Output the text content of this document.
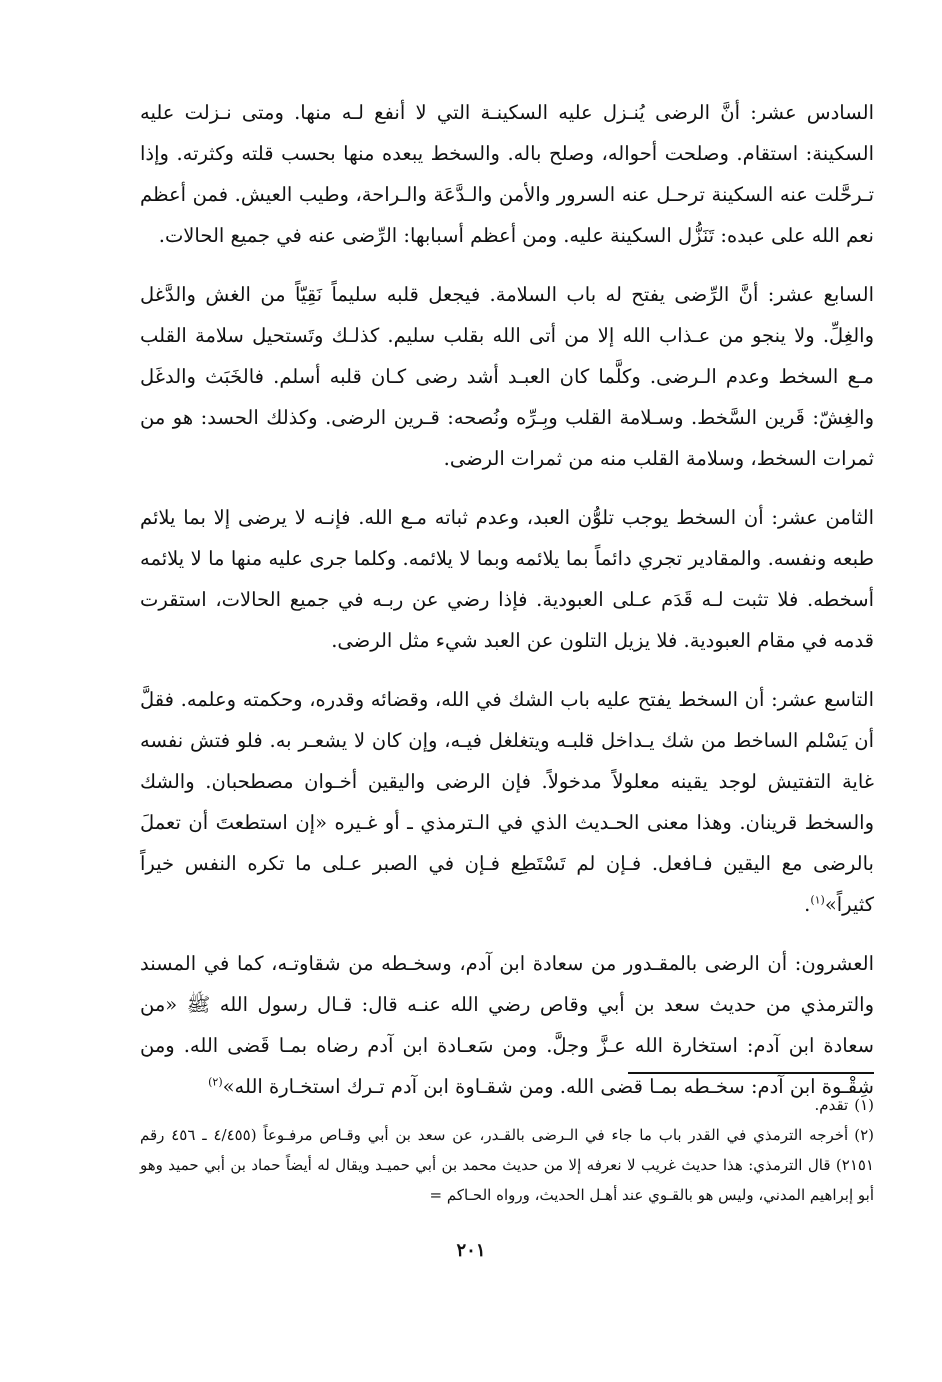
السادس عشر: أنَّ الرضى يُنـزل عليه السكينـة التي لا أنفع لـه منها. ومتى نـزلت عليه السكينة: استقام. وصلحت أحواله، وصلح باله. والسخط يبعده منها بحسب قلته وكثرته. وإذا تـرحَّلت عنه السكينة ترحـل عنه السرور والأمن والـدَّعَة والـراحة، وطيب العيش. فمن أعظم نعم الله على عبده: تَنَزُّل السكينة عليه. ومن أعظم أسبابها: الرِّضى عنه في جميع الحالات.

السابع عشر: أنَّ الرِّضى يفتح له باب السلامة. فيجعل قلبه سليماً نَقِيّاً من الغش والدَّغل والغِلِّ. ولا ينجو من عـذاب الله إلا من أتى الله بقلب سليم. كذلـك وتَستحيل سلامة القلب مـع السخط وعدم الـرضى. وكلَّما كان العبـد أشد رضى كـان قلبه أسلم. فالخَبَث والدغَل والغِشّ: قَرين السَّخط. وسـلامة القلب وبِـرِّه ونُصحه: قـرين الرضى. وكذلك الحسد: هو من ثمرات السخط، وسلامة القلب منه من ثمرات الرضى.

الثامن عشر: أن السخط يوجب تلوُّن العبد، وعدم ثباته مـع الله. فإنـه لا يرضى إلا بما يلائم طبعه ونفسه. والمقادير تجري دائماً بما يلائمه وبما لا يلائمه. وكلما جرى عليه منها ما لا يلائمه أسخطه. فلا تثبت لـه قَدَم عـلى العبودية. فإذا رضي عن ربـه في جميع الحالات، استقرت قدمه في مقام العبودية. فلا يزيل التلون عن العبد شيء مثل الرضى.

التاسع عشر: أن السخط يفتح عليه باب الشك في الله، وقضائه وقدره، وحكمته وعلمه. فقلَّ أن يَسْلم الساخط من شك يـداخل قلبـه ويتغلغل فيـه، وإن كان لا يشعـر به. فلو فتش نفسه غاية التفتيش لوجد يقينه معلولاً مدخولاً. فإن الرضى واليقين أخـوان مصطحبان. والشك والسخط قرينان. وهذا معنى الحـديث الذي في الـترمذي ـ أو غـيره «إن استطعتَ أن تعملَ بالرضى مع اليقين فـافعل. فـإن لم تَسْتَطِع فـإن في الصبر عـلى ما تكره النفس خيراً كثيراً»$^{(١)}$.

العشرون: أن الرضى بالمقـدور من سعادة ابن آدم، وسخـطه من شقاوتـه، كما في المسند والترمذي من حديث سعد بن أبي وقاص رضي الله عنـه قال: قـال رسول الله ﷺ «من سعادة ابن آدم: استخارة الله عـزَّ وجلَّ. ومن سَعـادة ابن آدم رضاه بمـا قَضى الله. ومن شِقْـوة ابن آدم: سخـطه بمـا قضى الله. ومن شقـاوة ابن آدم تـرك استخـارة الله»$^{(٢)}$

(١)تقدم.

(٢)أخرجه الترمذي في القدر باب ما جاء في الـرضى بالقـدر، عن سعد بن أبي وقـاص مرفـوعاً (٤/٤٥٥ ـ ٤٥٦ رقم ٢١٥١) قال الترمذي: هذا حديث غريب لا نعرفه إلا من حديث محمد بن أبي حميـد ويقال له أيضاً حماد بن أبي حميد وهو أبو إبراهيم المدني، وليس هو بالقـوي عند أهـل الحديث، ورواه الحـاكم =

٢٠١
